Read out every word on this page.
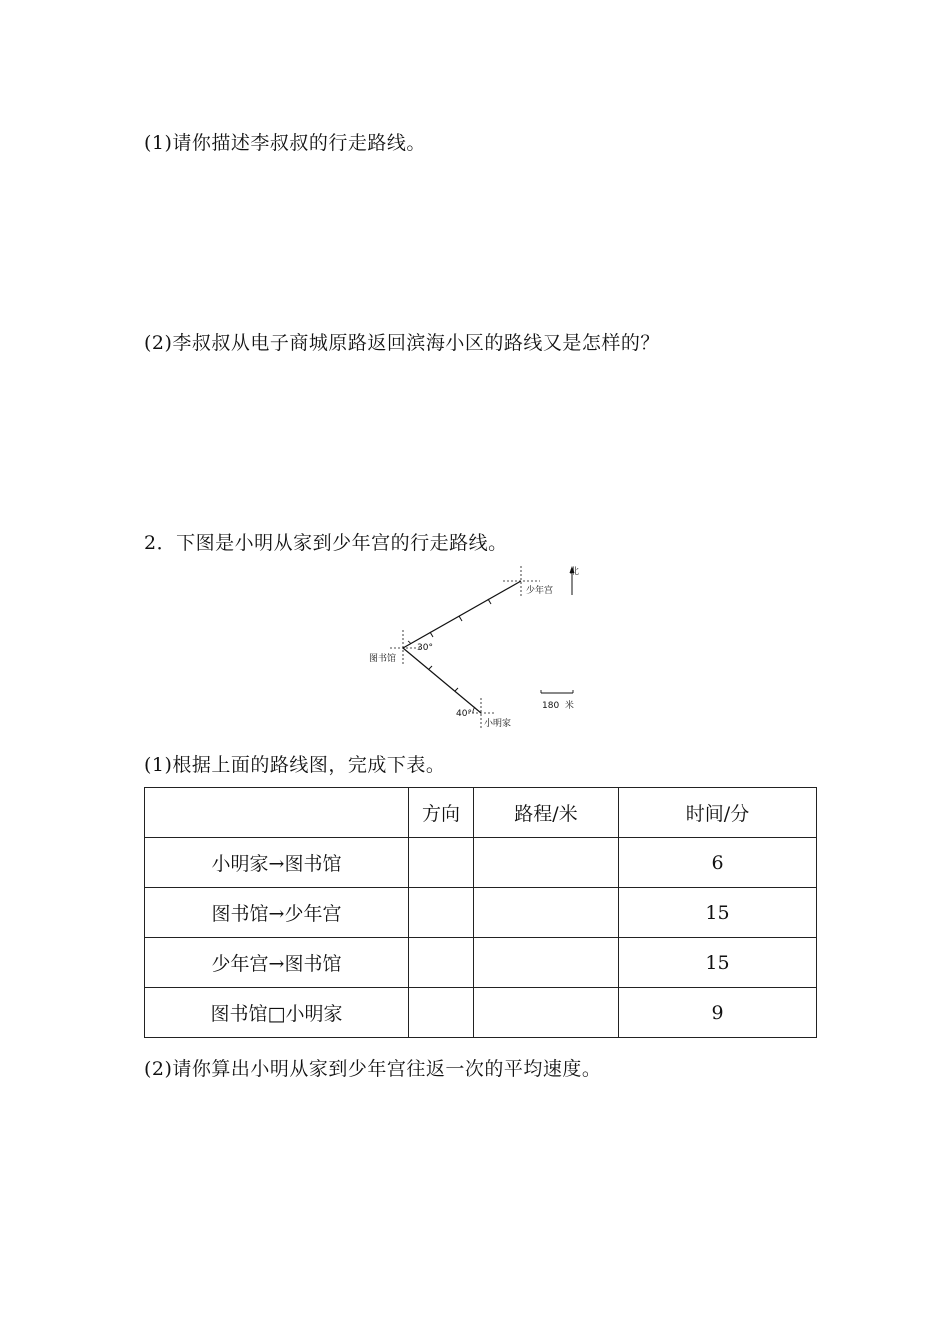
(1)请你描述李叔叔的行走路线。
(2)李叔叔从电子商城原路返回滨海小区的路线又是怎样的？
2．下图是小明从家到少年宫的行走路线。
北
少年宫
图书馆
小明家
30°
40°
180  米
(1)根据上面的路线图，完成下表。
	方向	路程/米	时间/分
小明家→图书馆			6
图书馆→少年宫			15
少年宫→图书馆			15
图书馆□小明家			9
(2)请你算出小明从家到少年宫往返一次的平均速度。
